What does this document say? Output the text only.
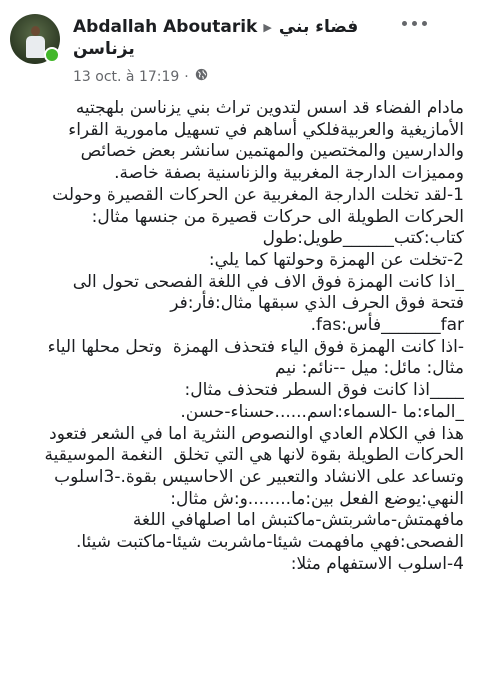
Abdallah Aboutarik ▶ فضاء بني
يزناسن
13 oct. à 17:19 ·

مادام الفضاء قد اسس لتدوين تراث بني يزناسن بلهجتيه

الأمازيغية والعربيةفلكي أساهم في تسهيل مامورية القراء

والدارسين والمختصين والمهتمين سانشر بعض خصائص

ومميزات الدارجة المغربية والزناسنية بصفة خاصة.

1-لقد تخلت الدارجة المغربية عن الحركات القصيرة وحولت

الحركات الطويلة الى حركات قصيرة من جنسها مثال:

كتاب:كتب______طويل:طول

2-تخلت عن الهمزة وحولتها كما يلي:

_اذا كانت الهمزة فوق الاف في اللغة الفصحى تحول الى

فتحة فوق الحرف الذي سبقها مثال:فأر:فر

far_______فأس:fas.

-اذا كانت الهمزة فوق الياء فتحذف الهمزة  وتحل محلها الياء

مثال: مائل: ميل --نائم: نيم

____اذا كانت فوق السطر فتحذف مثال:

_الماء:ما -السماء:اسم......حسناء-حسن.

هذا في الكلام العادي اوالنصوص النثرية اما في الشعر فتعود

الحركات الطويلة بقوة لانها هي التي تخلق  النغمة الموسيقية

وتساعد على الانشاد والتعبير عن الاحاسيس بقوة.-3اسلوب

النهي:يوضع الفعل بين:ما........و:ش مثال:

مافهمتش-ماشربتش-ماكتبش اما اصلهافي اللغة

الفصحى:فهي مافهمت شيئا-ماشربت شيئا-ماكتبت شيئا.

4-اسلوب الاستفهام مثلا:
